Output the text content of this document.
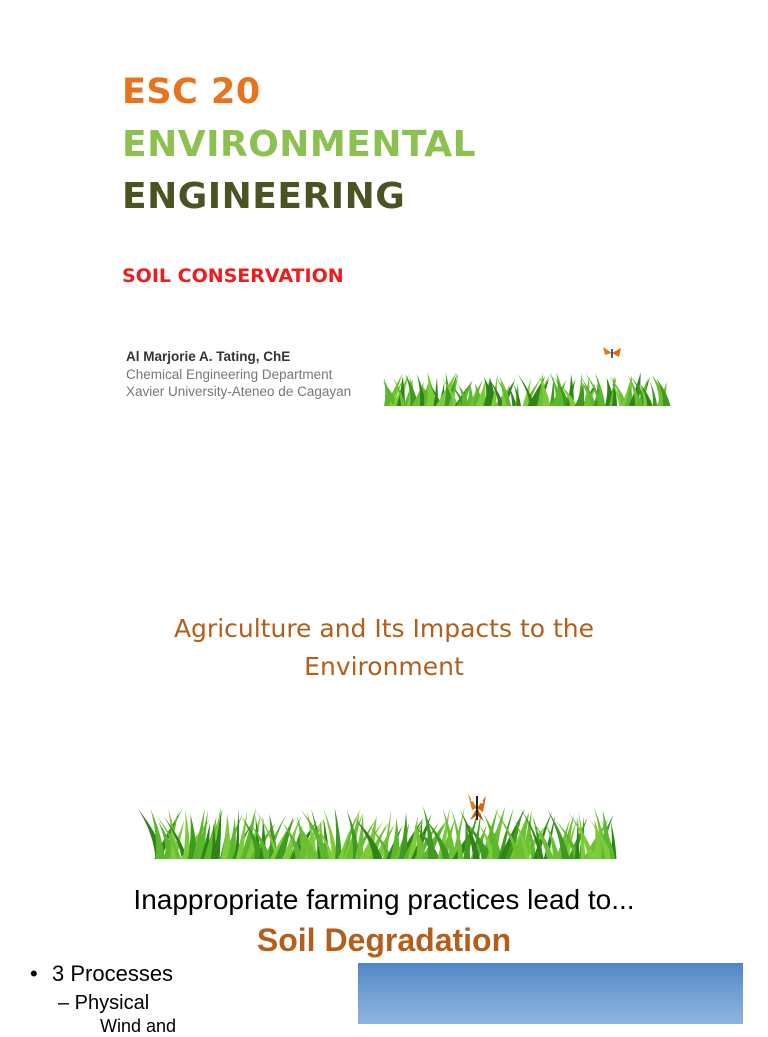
ESC 20
ENVIRONMENTAL
ENGINEERING
SOIL CONSERVATION
Al Marjorie A. Tating, ChE
Chemical Engineering Department
Xavier University-Ateneo de Cagayan
Agriculture and Its Impacts to the
Environment
Inappropriate farming practices lead to...
Soil Degradation
• 3 Processes
– Physical
Wind and
